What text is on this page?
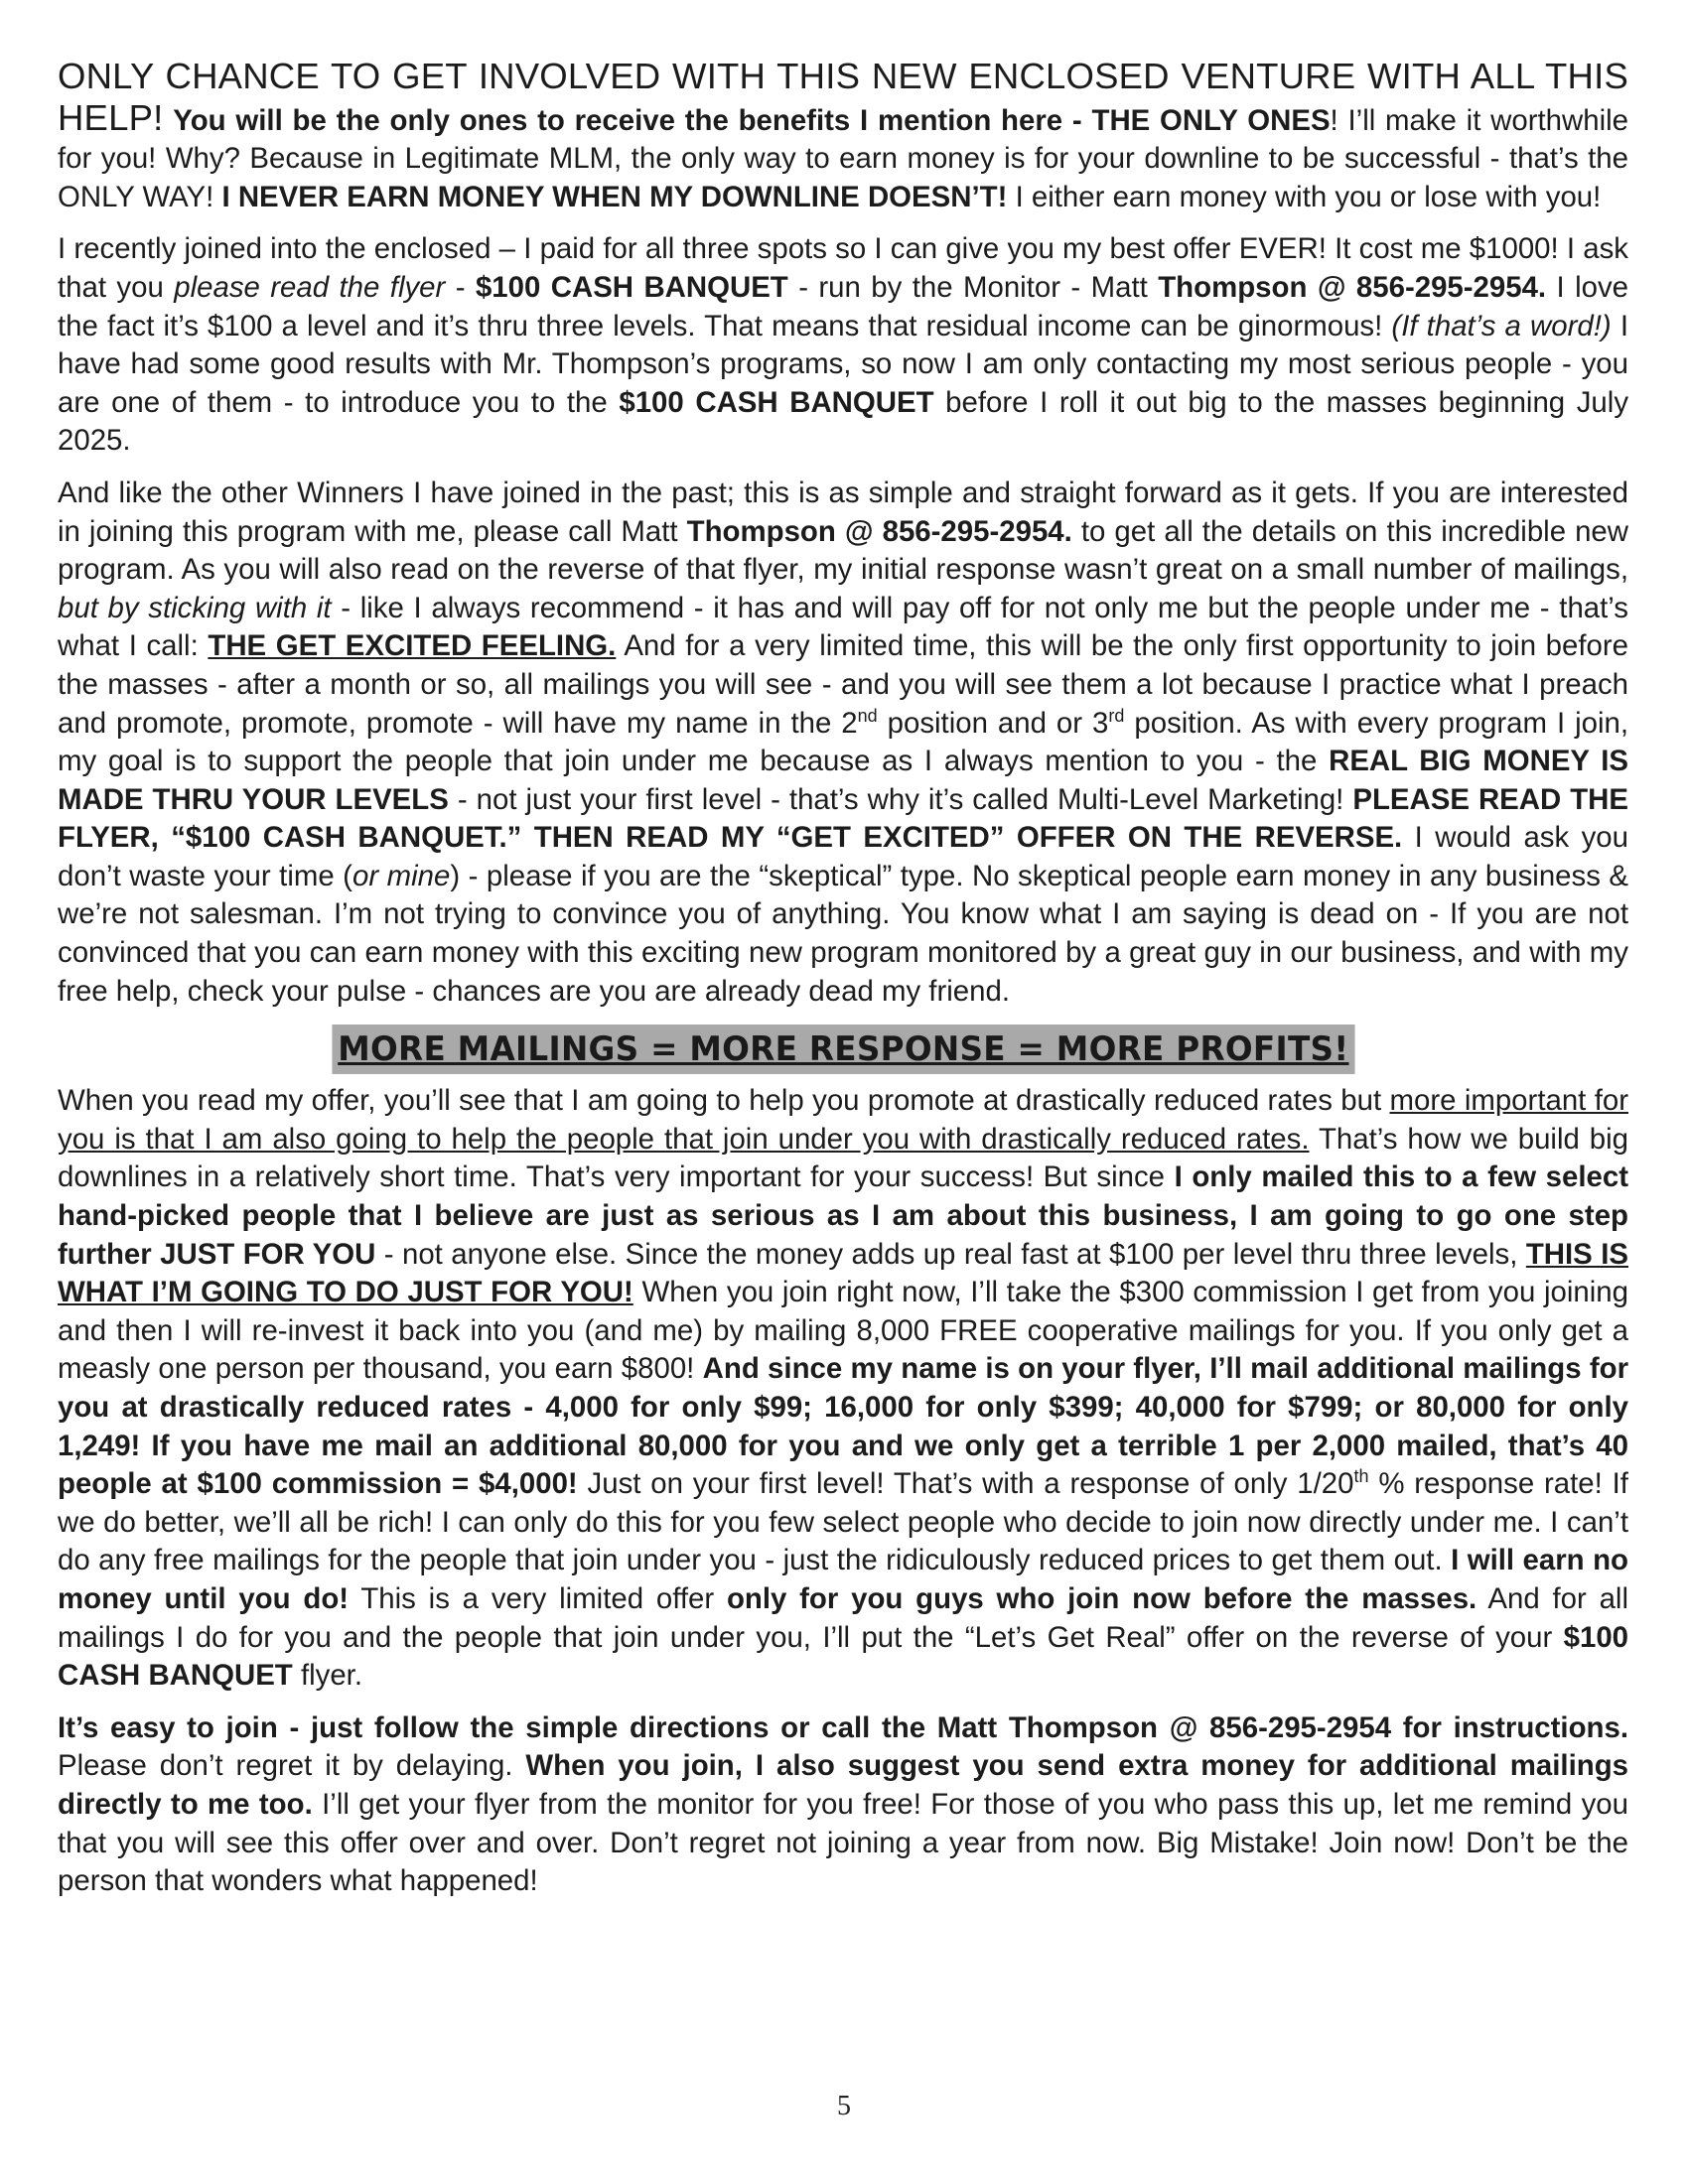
ONLY CHANCE TO GET INVOLVED WITH THIS NEW ENCLOSED VENTURE WITH ALL THIS HELP! You will be the only ones to receive the benefits I mention here - THE ONLY ONES! I’ll make it worthwhile for you! Why? Because in Legitimate MLM, the only way to earn money is for your downline to be successful - that’s the ONLY WAY! I NEVER EARN MONEY WHEN MY DOWNLINE DOESN’T! I either earn money with you or lose with you!

I recently joined into the enclosed – I paid for all three spots so I can give you my best offer EVER! It cost me $1000! I ask that you please read the flyer - $100 CASH BANQUET - run by the Monitor - Matt Thompson @ 856-295-2954. I love the fact it’s $100 a level and it’s thru three levels. That means that residual income can be ginormous! (If that’s a word!) I have had some good results with Mr. Thompson’s programs, so now I am only contacting my most serious people - you are one of them - to introduce you to the $100 CASH BANQUET before I roll it out big to the masses beginning July 2025.

And like the other Winners I have joined in the past; this is as simple and straight forward as it gets. If you are interested in joining this program with me, please call Matt Thompson @ 856-295-2954. to get all the details on this incredible new program. As you will also read on the reverse of that flyer, my initial response wasn’t great on a small number of mailings, but by sticking with it - like I always recommend - it has and will pay off for not only me but the people under me - that’s what I call: THE GET EXCITED FEELING. And for a very limited time, this will be the only first opportunity to join before the masses - after a month or so, all mailings you will see - and you will see them a lot because I practice what I preach and promote, promote, promote - will have my name in the 2nd position and or 3rd position. As with every program I join, my goal is to support the people that join under me because as I always mention to you - the REAL BIG MONEY IS MADE THRU YOUR LEVELS - not just your first level - that’s why it’s called Multi-Level Marketing! PLEASE READ THE FLYER, “$100 CASH BANQUET.” THEN READ MY “GET EXCITED” OFFER ON THE REVERSE. I would ask you don’t waste your time (or mine) - please if you are the “skeptical” type. No skeptical people earn money in any business & we’re not salesman. I’m not trying to convince you of anything. You know what I am saying is dead on - If you are not convinced that you can earn money with this exciting new program monitored by a great guy in our business, and with my free help, check your pulse - chances are you are already dead my friend.

MORE MAILINGS = MORE RESPONSE = MORE PROFITS!

When you read my offer, you’ll see that I am going to help you promote at drastically reduced rates but more important for you is that I am also going to help the people that join under you with drastically reduced rates. That’s how we build big downlines in a relatively short time. That’s very important for your success! But since I only mailed this to a few select hand-picked people that I believe are just as serious as I am about this business, I am going to go one step further JUST FOR YOU - not anyone else. Since the money adds up real fast at $100 per level thru three levels, THIS IS WHAT I’M GOING TO DO JUST FOR YOU! When you join right now, I’ll take the $300 commission I get from you joining and then I will re-invest it back into you (and me) by mailing 8,000 FREE cooperative mailings for you. If you only get a measly one person per thousand, you earn $800! And since my name is on your flyer, I’ll mail additional mailings for you at drastically reduced rates - 4,000 for only $99; 16,000 for only $399; 40,000 for $799; or 80,000 for only 1,249! If you have me mail an additional 80,000 for you and we only get a terrible 1 per 2,000 mailed, that’s 40 people at $100 commission = $4,000! Just on your first level! That’s with a response of only 1/20th % response rate! If we do better, we’ll all be rich! I can only do this for you few select people who decide to join now directly under me. I can’t do any free mailings for the people that join under you - just the ridiculously reduced prices to get them out. I will earn no money until you do! This is a very limited offer only for you guys who join now before the masses. And for all mailings I do for you and the people that join under you, I’ll put the “Let’s Get Real” offer on the reverse of your $100 CASH BANQUET flyer.

It’s easy to join - just follow the simple directions or call the Matt Thompson @ 856-295-2954 for instructions. Please don’t regret it by delaying. When you join, I also suggest you send extra money for additional mailings directly to me too. I’ll get your flyer from the monitor for you free! For those of you who pass this up, let me remind you that you will see this offer over and over. Don’t regret not joining a year from now. Big Mistake! Join now! Don’t be the person that wonders what happened!

5
